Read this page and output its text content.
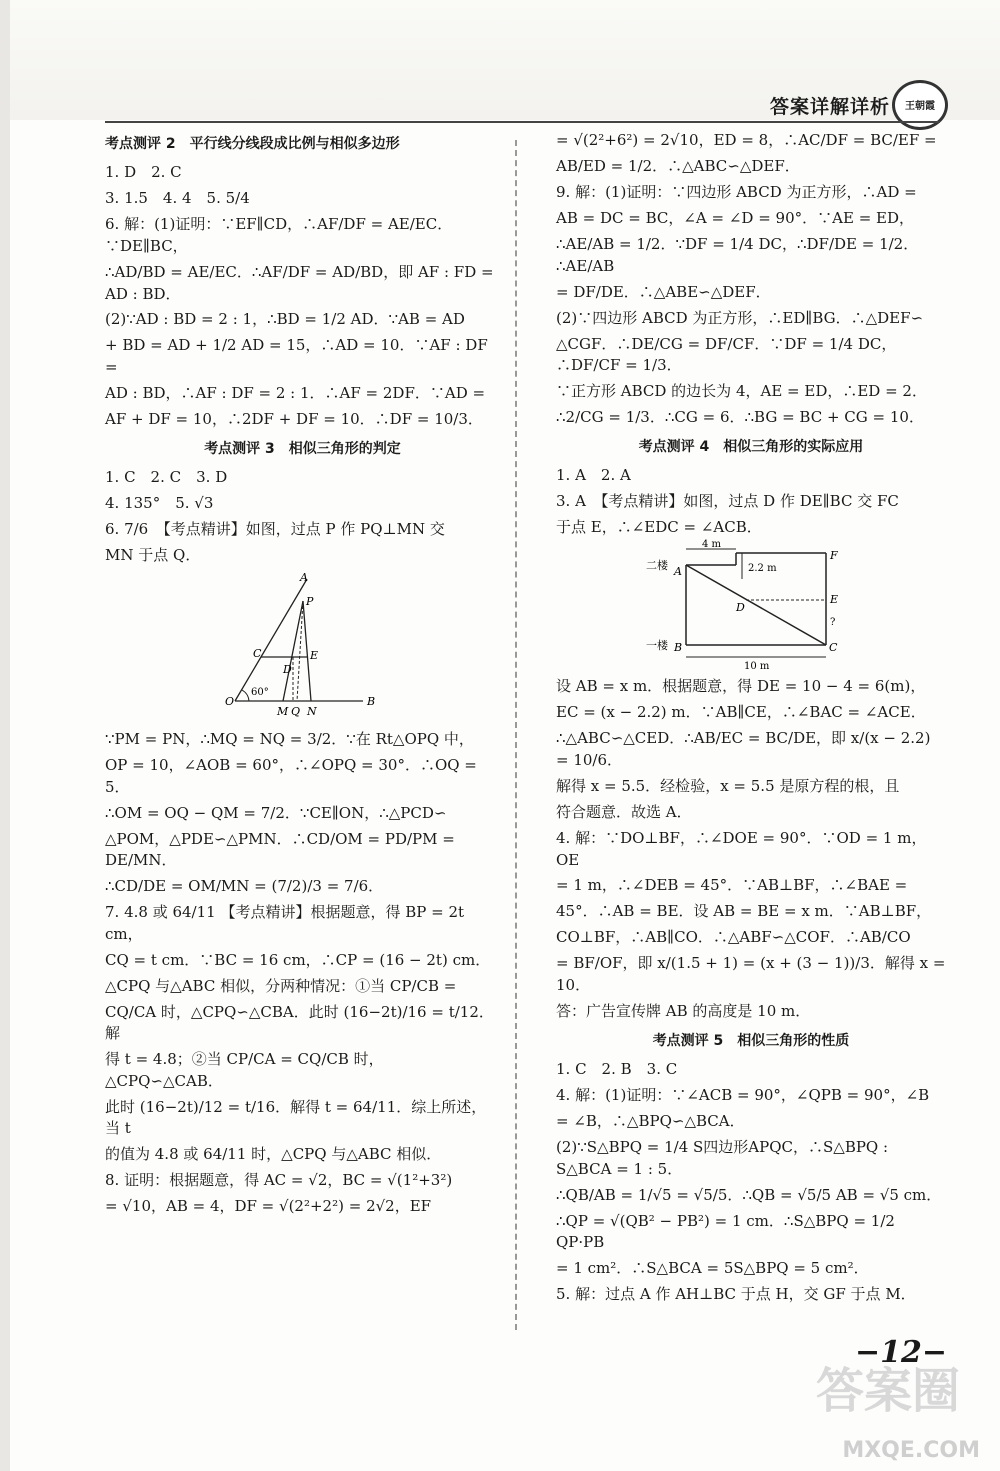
答案详解详析	王朝霞
考点测评 2　平行线分线段成比例与相似多边形
1. D　2. C
3. 1.5　4. 4　5. 5/4
6. 解：(1)证明：∵EF∥CD，∴AF/DF = AE/EC．∵DE∥BC，
∴AD/BD = AE/EC．∴AF/DF = AD/BD，即 AF : FD = AD : BD．
(2)∵AD : BD = 2 : 1，∴BD = 1/2 AD．∵AB = AD
+ BD = AD + 1/2 AD = 15，∴AD = 10．∵AF : DF =
AD : BD，∴AF : DF = 2 : 1．∴AF = 2DF．∵AD =
AF + DF = 10，∴2DF + DF = 10．∴DF = 10/3．
考点测评 3　相似三角形的判定
1. C　2. C　3. D
4. 135°　5. √3
6. 7/6　【考点精讲】如图，过点 P 作 PQ⊥MN 交
MN 于点 Q．
A
P
C	E
D
O
M Q N
B
60°
∵PM = PN，∴MQ = NQ = 3/2．∵在 Rt△OPQ 中，
OP = 10，∠AOB = 60°，∴∠OPQ = 30°．∴OQ = 5．
∴OM = OQ − QM = 7/2．∵CE∥ON，∴△PCD∽
△POM，△PDE∽△PMN．∴CD/OM = PD/PM = DE/MN．
∴CD/DE = OM/MN = (7/2)/3 = 7/6．
7. 4.8 或 64/11 【考点精讲】根据题意，得 BP = 2t cm，
CQ = t cm．∵BC = 16 cm，∴CP = (16 − 2t) cm．
△CPQ 与△ABC 相似，分两种情况：①当 CP/CB =
CQ/CA 时，△CPQ∽△CBA．此时 (16−2t)/16 = t/12．解
得 t = 4.8；②当 CP/CA = CQ/CB 时，△CPQ∽△CAB．
此时 (16−2t)/12 = t/16．解得 t = 64/11．综上所述，当 t
的值为 4.8 或 64/11 时，△CPQ 与△ABC 相似．
8. 证明：根据题意，得 AC = √2，BC = √(1²+3²)
= √10，AB = 4，DF = √(2²+2²) = 2√2，EF
= √(2²+6²) = 2√10，ED = 8，∴AC/DF = BC/EF =
AB/ED = 1/2．∴△ABC∽△DEF．
9. 解：(1)证明：∵四边形 ABCD 为正方形，∴AD =
AB = DC = BC，∠A = ∠D = 90°．∵AE = ED，
∴AE/AB = 1/2．∵DF = 1/4 DC，∴DF/DE = 1/2．∴AE/AB
= DF/DE．∴△ABE∽△DEF．
(2)∵四边形 ABCD 为正方形，∴ED∥BG．∴△DEF∽
△CGF．∴DE/CG = DF/CF．∵DF = 1/4 DC，∴DF/CF = 1/3．
∵正方形 ABCD 的边长为 4，AE = ED，∴ED = 2．
∴2/CG = 1/3．∴CG = 6．∴BG = BC + CG = 10．
考点测评 4　相似三角形的实际应用
1. A　2. A
3. A　【考点精讲】如图，过点 D 作 DE∥BC 交 FC
于点 E，∴∠EDC = ∠ACB．
二楼
一楼
A
B	C
D
E
F
4 m
2.2 m
10 m
?
设 AB = x m．根据题意，得 DE = 10 − 4 = 6(m)，
EC = (x − 2.2) m．∵AB∥CE，∴∠BAC = ∠ACE．
∴△ABC∽△CED．∴AB/EC = BC/DE，即 x/(x − 2.2) = 10/6．
解得 x = 5.5．经检验，x = 5.5 是原方程的根，且
符合题意．故选 A．
4. 解：∵DO⊥BF，∴∠DOE = 90°．∵OD = 1 m，OE
= 1 m，∴∠DEB = 45°．∵AB⊥BF，∴∠BAE =
45°．∴AB = BE．设 AB = BE = x m．∵AB⊥BF，
CO⊥BF，∴AB∥CO．∴△ABF∽△COF．∴AB/CO
= BF/OF，即 x/(1.5 + 1) = (x + (3 − 1))/3．解得 x = 10．
答：广告宣传牌 AB 的高度是 10 m．
考点测评 5　相似三角形的性质
1. C　2. B　3. C
4. 解：(1)证明：∵∠ACB = 90°，∠QPB = 90°，∠B
= ∠B，∴△BPQ∽△BCA．
(2)∵S△BPQ = 1/4 S四边形APQC，∴S△BPQ : S△BCA = 1 : 5．
∴QB/AB = 1/√5 = √5/5．∴QB = √5/5 AB = √5 cm．
∴QP = √(QB² − PB²) = 1 cm．∴S△BPQ = 1/2 QP·PB
= 1 cm²．∴S△BCA = 5S△BPQ = 5 cm²．
5. 解：过点 A 作 AH⊥BC 于点 H，交 GF 于点 M．
−12−
答案圈
MXQE.COM
